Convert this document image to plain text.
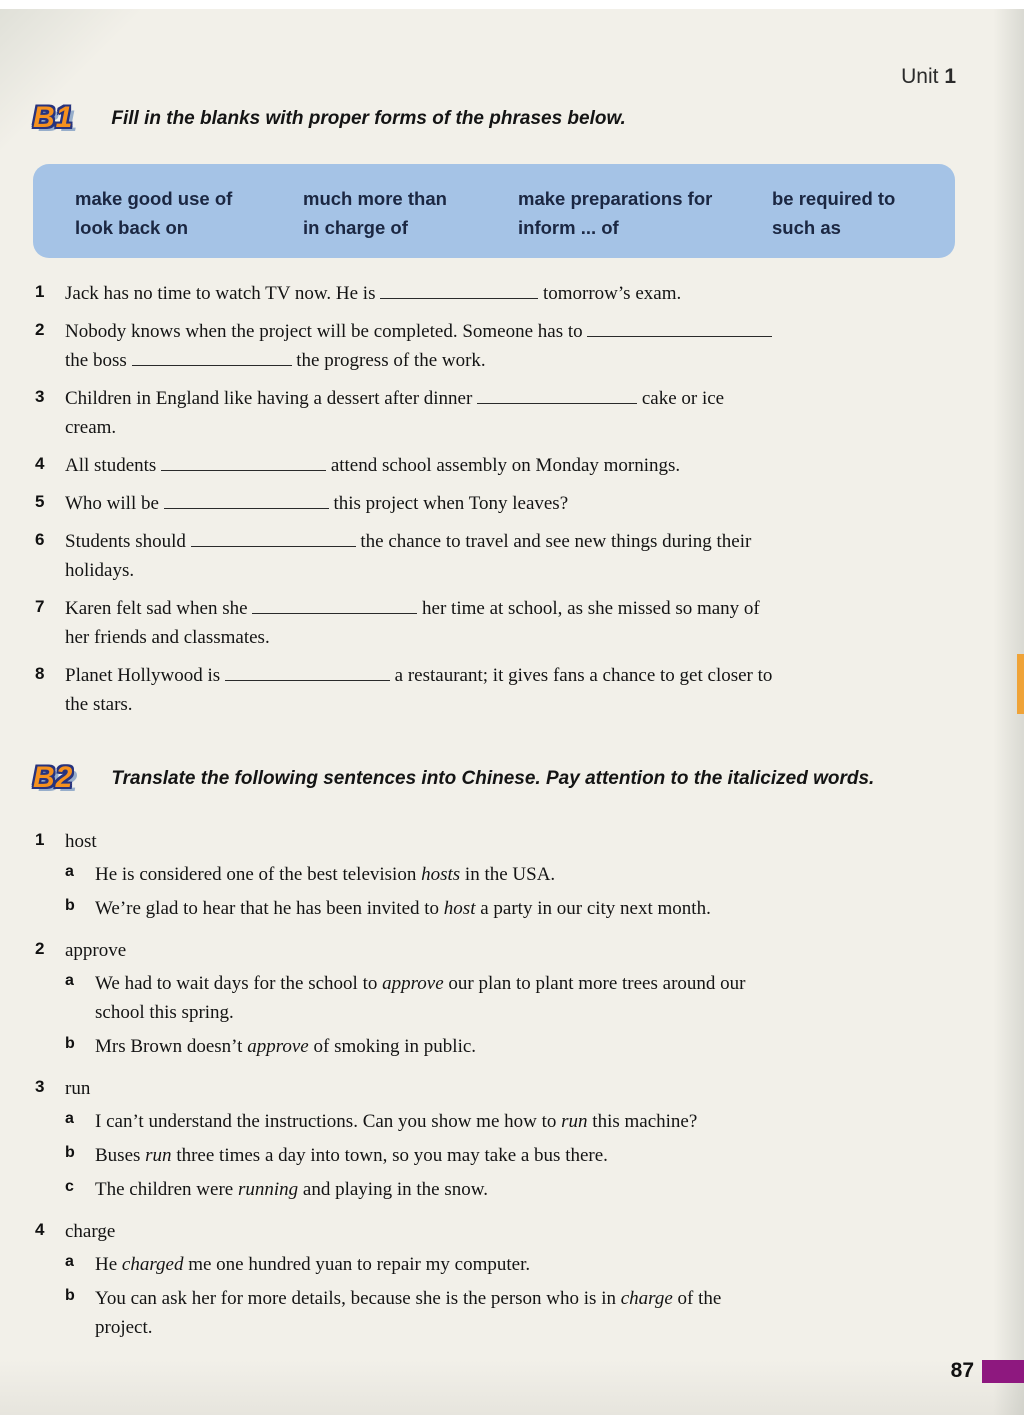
Unit 1
B1 Fill in the blanks with proper forms of the phrases below.
make good use of	much more than	make preparations for	be required to
look back on	in charge of	inform ... of	such as
1	Jack has no time to watch TV now. He is	tomorrow’s exam.
2	Nobody knows when the project will be completed. Someone has to
the boss	the progress of the work.
3	Children in England like having a dessert after dinner	cake or ice
cream.
4	All students	attend school assembly on Monday mornings.
5	Who will be	this project when Tony leaves?
6	Students should	the chance to travel and see new things during their
holidays.
7	Karen felt sad when she	her time at school, as she missed so many of
her friends and classmates.
8	Planet Hollywood is	a restaurant; it gives fans a chance to get closer to
the stars.
B2 Translate the following sentences into Chinese. Pay attention to the italicized words.
1	host
a	He is considered one of the best television hosts in the USA.
b	We’re glad to hear that he has been invited to host a party in our city next month.
2	approve
a	We had to wait days for the school to approve our plan to plant more trees around our
school this spring.
b	Mrs Brown doesn’t approve of smoking in public.
3	run
a	I can’t understand the instructions. Can you show me how to run this machine?
b	Buses run three times a day into town, so you may take a bus there.
c	The children were running and playing in the snow.
4	charge
a	He charged me one hundred yuan to repair my computer.
b	You can ask her for more details, because she is the person who is in charge of the
project.
87
